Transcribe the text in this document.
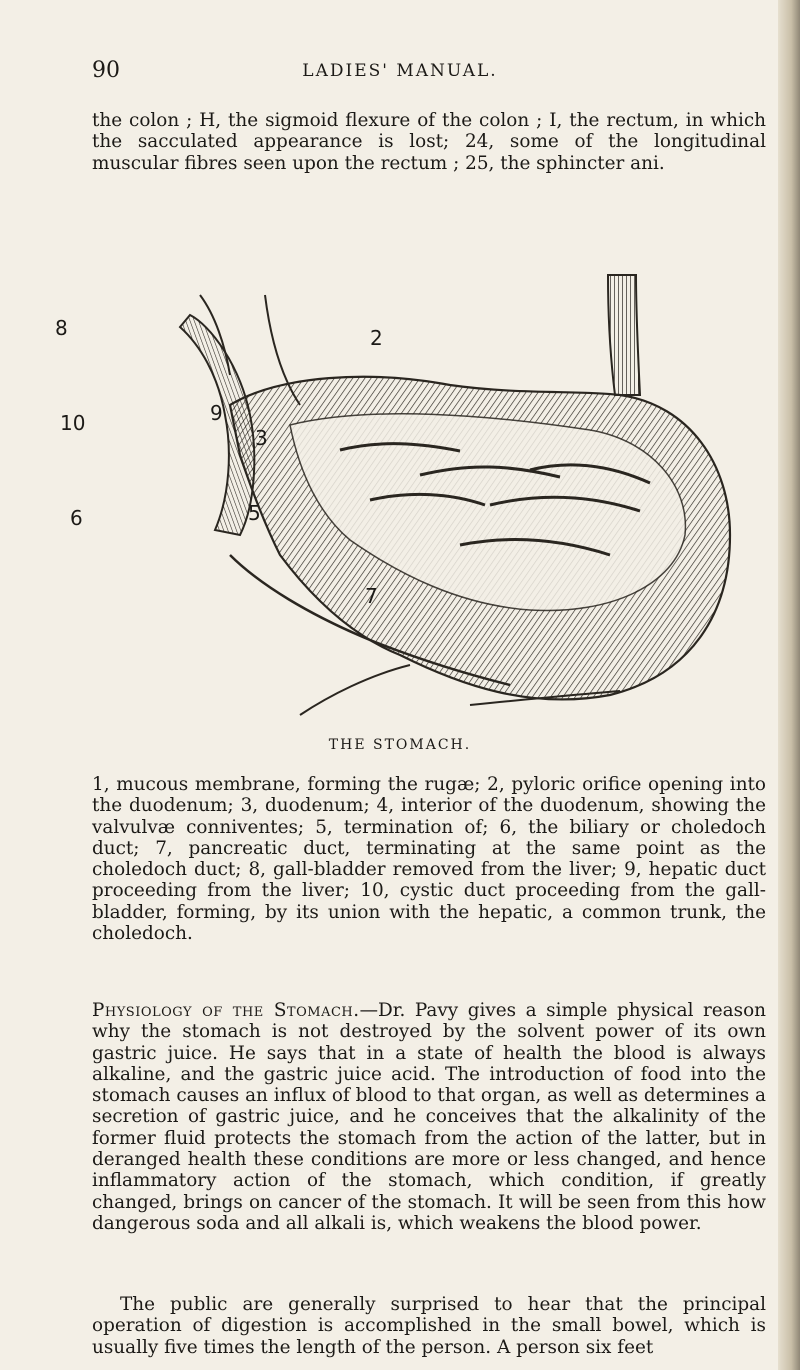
90	LADIES' MANUAL.

the colon ; H, the sigmoid flexure of the colon ; I, the rectum, in which the sacculated appearance is lost; 24, some of the longitudinal muscular fibres seen upon the rectum ; 25, the sphincter ani.

8	2
9
3
10
6	5
7
THE STOMACH.

1, mucous membrane, forming the rugæ; 2, pyloric orifice opening into the duodenum; 3, duodenum; 4, interior of the duodenum, showing the valvulvæ conniventes; 5, termination of; 6, the biliary or choledoch duct; 7, pancreatic duct, terminating at the same point as the choledoch duct; 8, gall-bladder removed from the liver; 9, hepatic duct proceeding from the liver; 10, cystic duct proceeding from the gall-bladder, forming, by its union with the hepatic, a common trunk, the choledoch.

Physiology of the Stomach.—Dr. Pavy gives a simple physical reason why the stomach is not destroyed by the solvent power of its own gastric juice. He says that in a state of health the blood is always alkaline, and the gastric juice acid. The introduction of food into the stomach causes an influx of blood to that organ, as well as determines a secretion of gastric juice, and he conceives that the alkalinity of the former fluid protects the stomach from the action of the latter, but in deranged health these conditions are more or less changed, and hence inflammatory action of the stomach, which condition, if greatly changed, brings on cancer of the stomach. It will be seen from this how dangerous soda and all alkali is, which weakens the blood power.

The public are generally surprised to hear that the principal operation of digestion is accomplished in the small bowel, which is usually five times the length of the person. A person six feet
